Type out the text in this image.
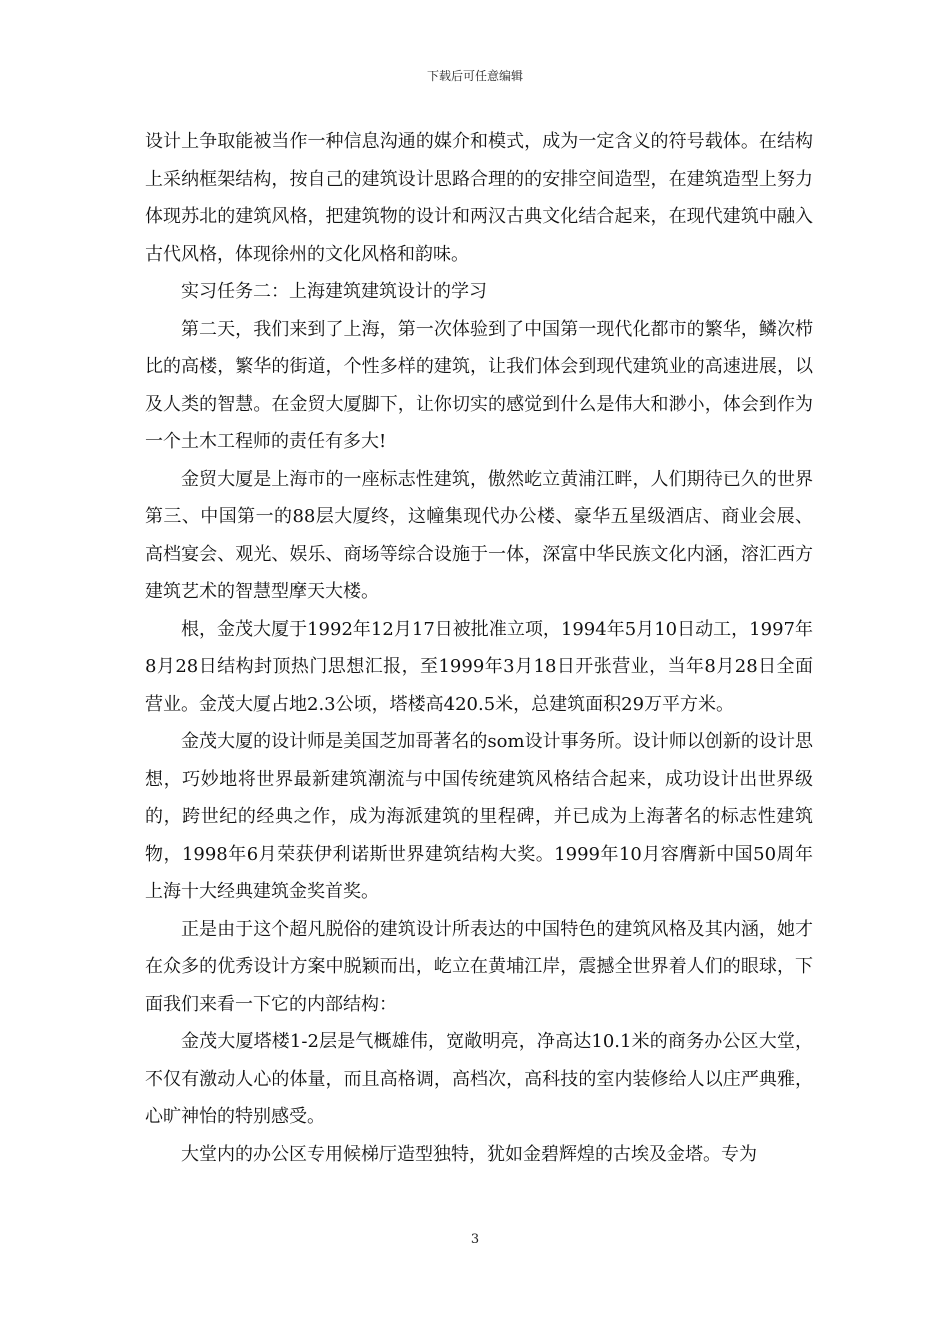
下载后可任意编辑

设计上争取能被当作一种信息沟通的媒介和模式，成为一定含义的符号载体。在结构上采纳框架结构，按自己的建筑设计思路合理的的安排空间造型，在建筑造型上努力体现苏北的建筑风格，把建筑物的设计和两汉古典文化结合起来，在现代建筑中融入古代风格，体现徐州的文化风格和韵味。

实习任务二：上海建筑建筑设计的学习

第二天，我们来到了上海，第一次体验到了中国第一现代化都市的繁华，鳞次栉比的高楼，繁华的街道，个性多样的建筑，让我们体会到现代建筑业的高速进展，以及人类的智慧。在金贸大厦脚下，让你切实的感觉到什么是伟大和渺小，体会到作为一个土木工程师的责任有多大!

金贸大厦是上海市的一座标志性建筑，傲然屹立黄浦江畔，人们期待已久的世界第三、中国第一的88层大厦终，这幢集现代办公楼、豪华五星级酒店、商业会展、高档宴会、观光、娱乐、商场等综合设施于一体，深富中华民族文化内涵，溶汇西方建筑艺术的智慧型摩天大楼。

根，金茂大厦于1992年12月17日被批准立项，1994年5月10日动工，1997年8月28日结构封顶热门思想汇报，至1999年3月18日开张营业，当年8月28日全面营业。金茂大厦占地2.3公顷，塔楼高420.5米，总建筑面积29万平方米。

金茂大厦的设计师是美国芝加哥著名的som设计事务所。设计师以创新的设计思想，巧妙地将世界最新建筑潮流与中国传统建筑风格结合起来，成功设计出世界级的，跨世纪的经典之作，成为海派建筑的里程碑，并已成为上海著名的标志性建筑物，1998年6月荣获伊利诺斯世界建筑结构大奖。1999年10月容膺新中国50周年上海十大经典建筑金奖首奖。

正是由于这个超凡脱俗的建筑设计所表达的中国特色的建筑风格及其内涵，她才在众多的优秀设计方案中脱颖而出，屹立在黄埔江岸，震撼全世界着人们的眼球，下面我们来看一下它的内部结构：

金茂大厦塔楼1-2层是气概雄伟，宽敞明亮，净高达10.1米的商务办公区大堂，不仅有激动人心的体量，而且高格调，高档次，高科技的室内装修给人以庄严典雅，心旷神怡的特别感受。

大堂内的办公区专用候梯厅造型独特，犹如金碧辉煌的古埃及金塔。专为

3
